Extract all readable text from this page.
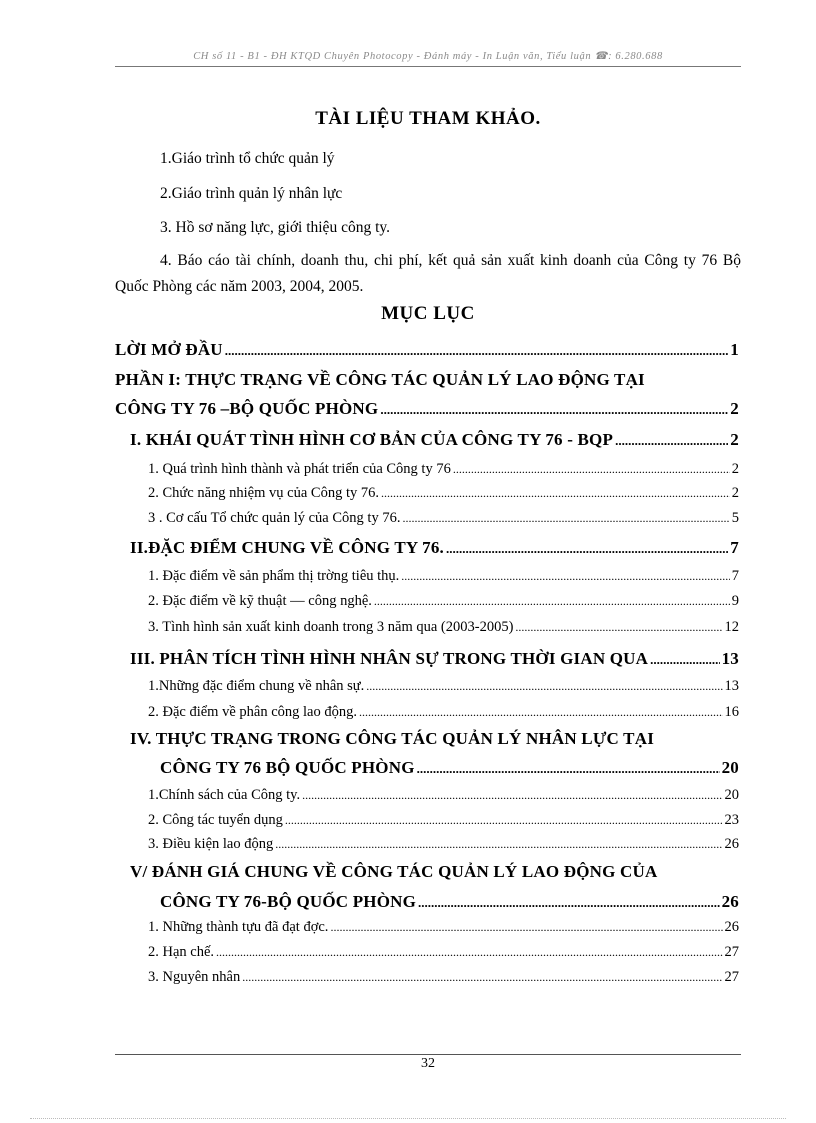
CH số 11 - B1 - ĐH KTQD Chuyên Photocopy - Đánh máy - In Luận văn, Tiểu luận ☎: 6.280.688
TÀI LIỆU THAM KHẢO.
1.Giáo trình tổ chức quản lý
2.Giáo trình quản lý nhân lực
3. Hồ sơ năng lực, giới thiệu công ty.
4. Báo cáo tài chính, doanh thu, chi phí, kết quả sản xuất kinh doanh của Công ty 76 Bộ Quốc Phòng các năm 2003, 2004, 2005.
MỤC LỤC
LỜI MỞ ĐẦU .....	1
PHẦN I: THỰC TRẠNG VỀ CÔNG TÁC QUẢN LÝ LAO ĐỘNG TẠI
CÔNG TY 76 –BỘ QUỐC PHÒNG .....	2
I. KHÁI QUÁT TÌNH HÌNH CƠ BẢN CỦA CÔNG TY 76 - BQP .....	2
1. Quá trình hình thành và phát triển của Công ty 76 .....	2
2. Chức năng nhiệm vụ của Công ty 76. .....	2
3 . Cơ cấu Tổ chức quản lý của Công ty 76. .....	5
II.ĐẶC ĐIỂM CHUNG VỀ CÔNG TY 76. .....	7
1. Đặc điểm về sản phẩm thị trờng tiêu thụ. .....	7
2. Đặc điểm về kỹ thuật — công nghệ. .....	9
3. Tình hình sản xuất kinh doanh trong 3 năm qua (2003-2005) .....	12
III. PHÂN TÍCH TÌNH HÌNH NHÂN SỰ TRONG THỜI GIAN QUA .....	13
1.Những đặc điểm chung về nhân sự. .....	13
2. Đặc điểm về phân công lao động. .....	16
IV. THỰC TRẠNG TRONG CÔNG TÁC QUẢN LÝ NHÂN LỰC TẠI
CÔNG TY 76 BỘ QUỐC PHÒNG .....	20
1.Chính sách của Công ty. .....	20
2. Công tác tuyển dụng .....	23
3. Điều kiện lao động .....	26
V/ ĐÁNH GIÁ CHUNG VỀ CÔNG TÁC QUẢN LÝ LAO ĐỘNG CỦA
CÔNG TY 76-BỘ QUỐC PHÒNG .....	26
1. Những thành tựu đã đạt đợc. .....	26
2. Hạn chế. .....	27
3. Nguyên nhân .....	27
32
